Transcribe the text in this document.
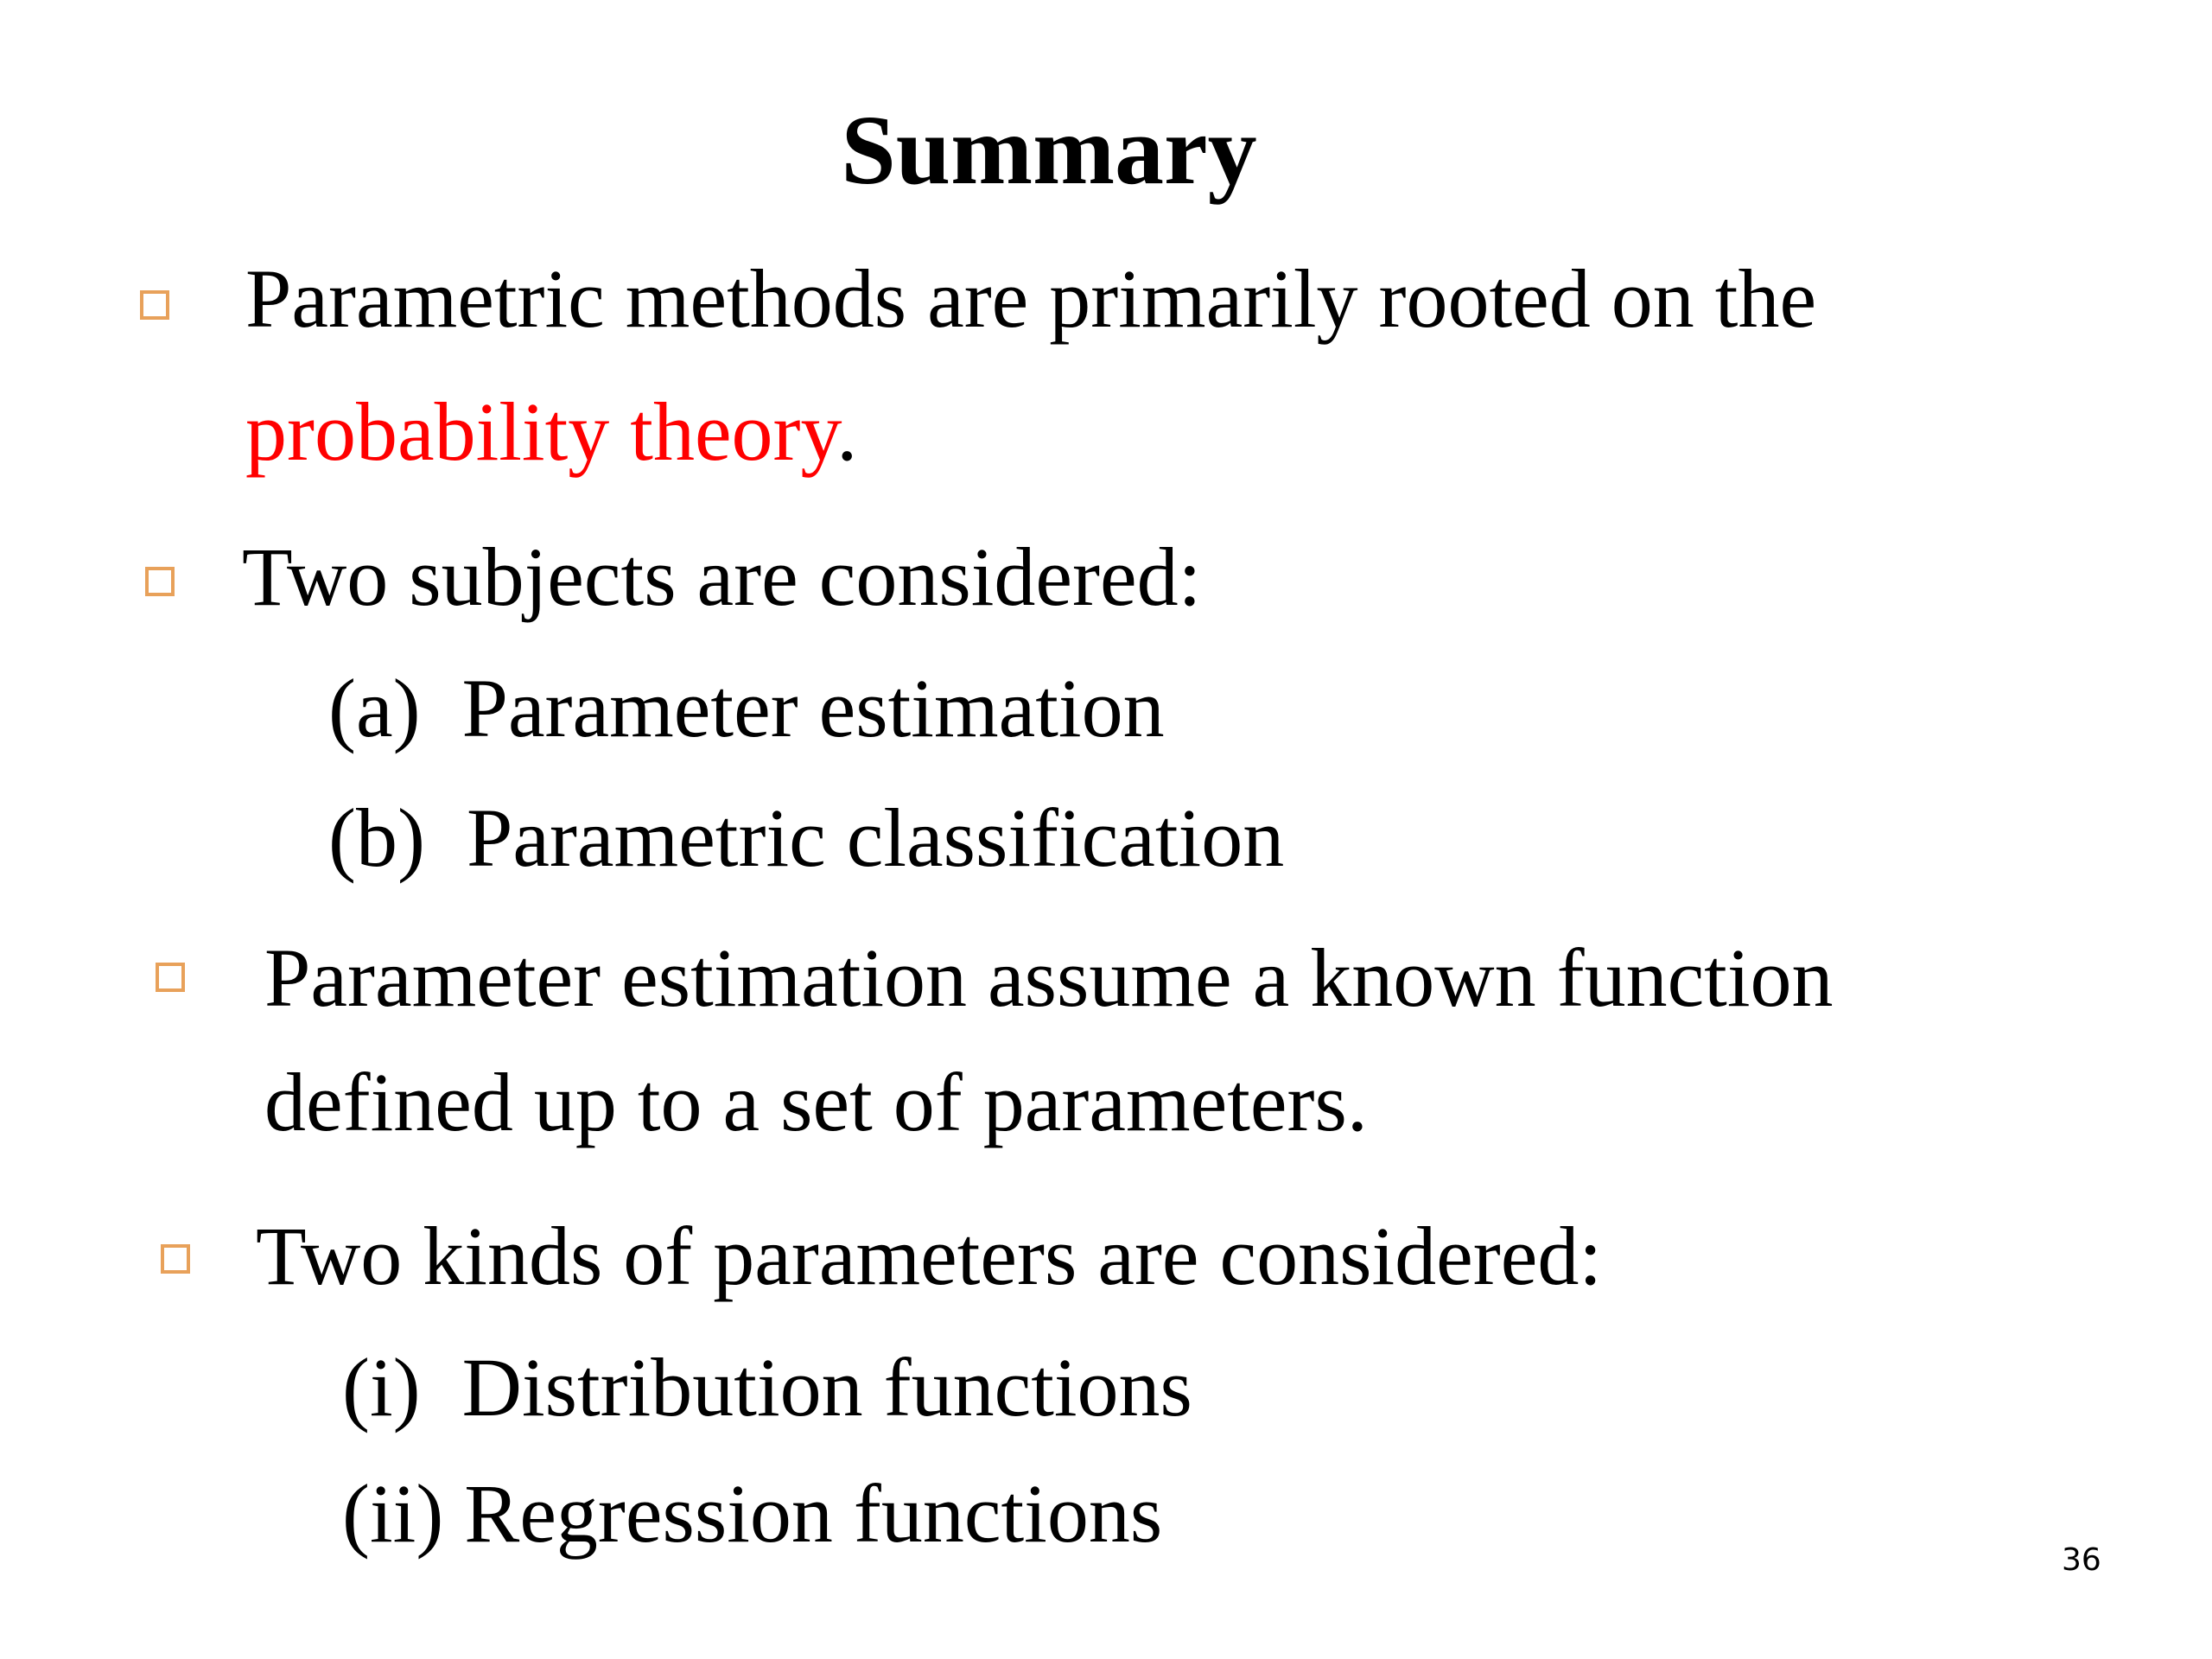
Summary
Parametric methods are primarily rooted on the
probability theory.
Two subjects are considered:
(a) Parameter estimation
(b) Parametric classification
Parameter estimation assume a known function
defined up to a set of parameters.
Two kinds of parameters are considered:
(i) Distribution functions
(ii) Regression functions
36
